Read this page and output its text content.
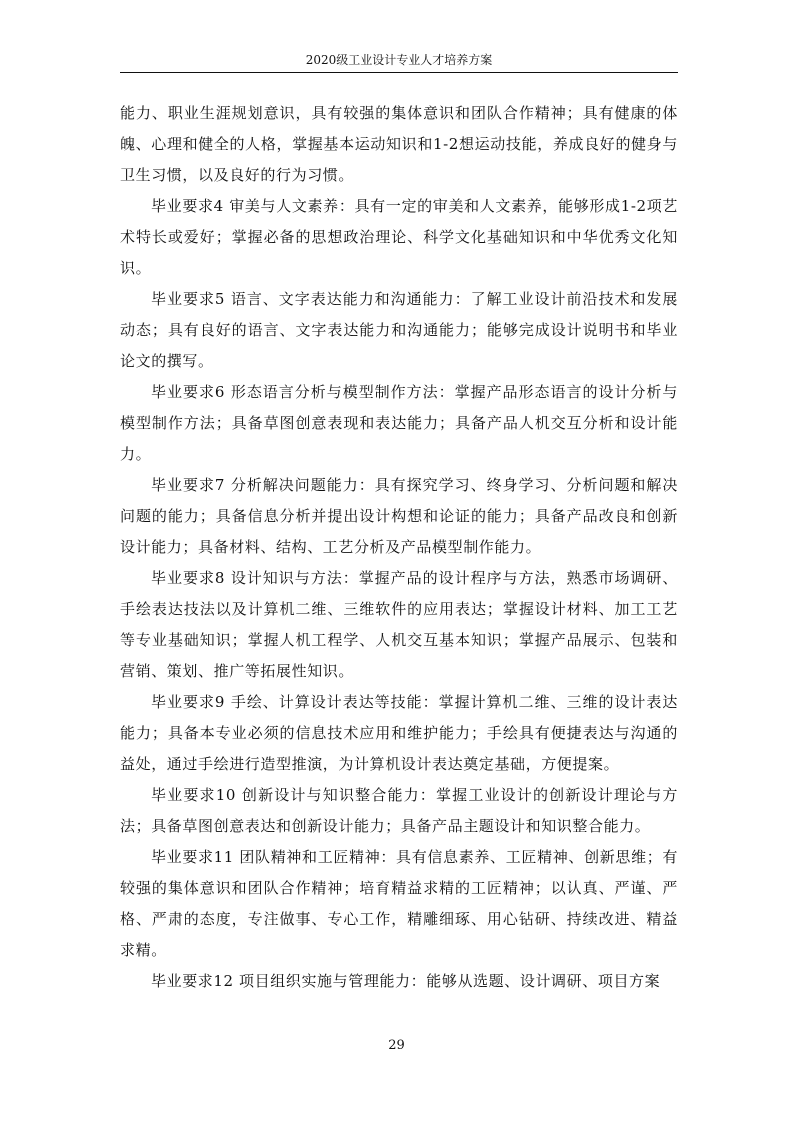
2020级工业设计专业人才培养方案

能力、职业生涯规划意识，具有较强的集体意识和团队合作精神；具有健康的体魄、心理和健全的人格，掌握基本运动知识和1-2想运动技能，养成良好的健身与卫生习惯，以及良好的行为习惯。

毕业要求4 审美与人文素养：具有一定的审美和人文素养，能够形成1-2项艺术特长或爱好；掌握必备的思想政治理论、科学文化基础知识和中华优秀文化知识。

毕业要求5 语言、文字表达能力和沟通能力：了解工业设计前沿技术和发展动态；具有良好的语言、文字表达能力和沟通能力；能够完成设计说明书和毕业论文的撰写。

毕业要求6 形态语言分析与模型制作方法：掌握产品形态语言的设计分析与模型制作方法；具备草图创意表现和表达能力；具备产品人机交互分析和设计能力。

毕业要求7 分析解决问题能力：具有探究学习、终身学习、分析问题和解决问题的能力；具备信息分析并提出设计构想和论证的能力；具备产品改良和创新设计能力；具备材料、结构、工艺分析及产品模型制作能力。

毕业要求8 设计知识与方法：掌握产品的设计程序与方法，熟悉市场调研、手绘表达技法以及计算机二维、三维软件的应用表达；掌握设计材料、加工工艺等专业基础知识；掌握人机工程学、人机交互基本知识；掌握产品展示、包装和营销、策划、推广等拓展性知识。

毕业要求9 手绘、计算设计表达等技能：掌握计算机二维、三维的设计表达能力；具备本专业必须的信息技术应用和维护能力；手绘具有便捷表达与沟通的益处，通过手绘进行造型推演，为计算机设计表达奠定基础，方便提案。

毕业要求10 创新设计与知识整合能力：掌握工业设计的创新设计理论与方法；具备草图创意表达和创新设计能力；具备产品主题设计和知识整合能力。

毕业要求11 团队精神和工匠精神：具有信息素养、工匠精神、创新思维；有较强的集体意识和团队合作精神；培育精益求精的工匠精神；以认真、严谨、严格、严肃的态度，专注做事、专心工作，精雕细琢、用心钻研、持续改进、精益求精。

毕业要求12 项目组织实施与管理能力：能够从选题、设计调研、项目方案

29
